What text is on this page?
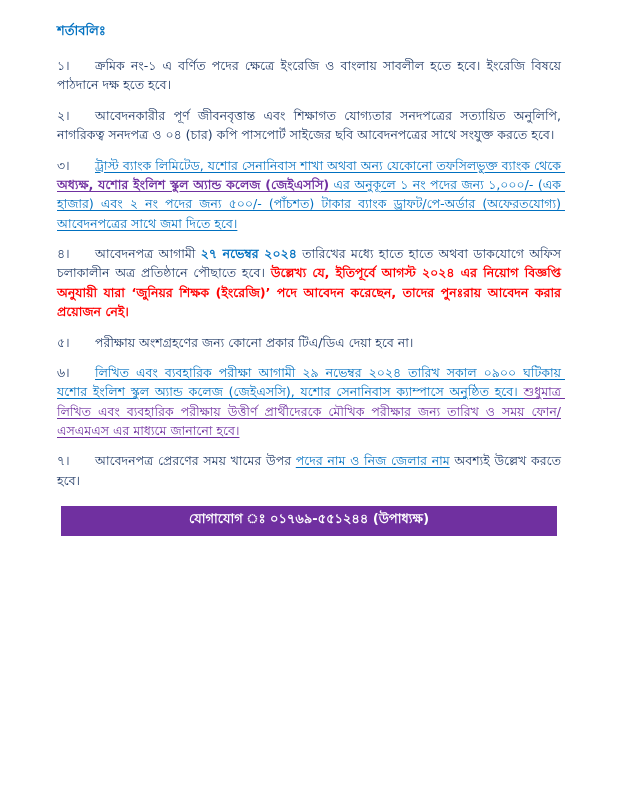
শর্তাবলিঃ

১। ক্রমিক নং-১ এ বর্ণিত পদের ক্ষেত্রে ইংরেজি ও বাংলায় সাবলীল হতে হবে। ইংরেজি বিষয়ে পাঠদানে দক্ষ হতে হবে।

২। আবেদনকারীর পূর্ণ জীবনবৃত্তান্ত এবং শিক্ষাগত যোগ্যতার সনদপত্রের সত্যায়িত অনুলিপি, নাগরিকত্ব সনদপত্র ও ০৪ (চার) কপি পাসপোর্ট সাইজের ছবি আবেদনপত্রের সাথে সংযুক্ত করতে হবে।

৩। ট্রাস্ট ব্যাংক লিমিটেড, যশোর সেনানিবাস শাখা অথবা অন্য যেকোনো তফসিলভুক্ত ব্যাংক থেকে অধ্যক্ষ, যশোর ইংলিশ স্কুল অ্যান্ড কলেজ (জেইএসসি) এর অনুকূলে ১ নং পদের জন্য ১,০০০/- (এক হাজার) এবং ২ নং পদের জন্য ৫০০/- (পাঁচশত) টাকার ব্যাংক ড্রাফট/পে-অর্ডার (অফেরতযোগ্য) আবেদনপত্রের সাথে জমা দিতে হবে।

৪। আবেদনপত্র আগামী ২৭ নভেম্বর ২০২৪ তারিখের মধ্যে হাতে হাতে অথবা ডাকযোগে অফিস চলাকালীন অত্র প্রতিষ্ঠানে পৌছাতে হবে। উল্লেখ্য যে, ইতিপূর্বে আগস্ট ২০২৪ এর নিয়োগ বিজ্ঞপ্তি অনুযায়ী যারা ‘জুনিয়র শিক্ষক (ইংরেজি)’ পদে আবেদন করেছেন, তাদের পুনঃরায় আবেদন করার প্রয়োজন নেই।

৫। পরীক্ষায় অংশগ্রহণের জন্য কোনো প্রকার টিএ/ডিএ দেয়া হবে না।

৬। লিখিত এবং ব্যবহারিক পরীক্ষা আগামী ২৯ নভেম্বর ২০২৪ তারিখ সকাল ০৯০০ ঘটিকায় যশোর ইংলিশ স্কুল অ্যান্ড কলেজ (জেইএসসি), যশোর সেনানিবাস ক্যাম্পাসে অনুষ্ঠিত হবে। শুধুমাত্র লিখিত এবং ব্যবহারিক পরীক্ষায় উত্তীর্ণ প্রার্থীদেরকে মৌখিক পরীক্ষার জন্য তারিখ ও সময় ফোন/এসএমএস এর মাধ্যমে জানানো হবে।

৭। আবেদনপত্র প্রেরণের সময় খামের উপর পদের নাম ও নিজ জেলার নাম অবশ্যই উল্লেখ করতে হবে।

যোগাযোগ ঃ ০১৭৬৯-৫৫১২৪৪ (উপাধ্যক্ষ)
